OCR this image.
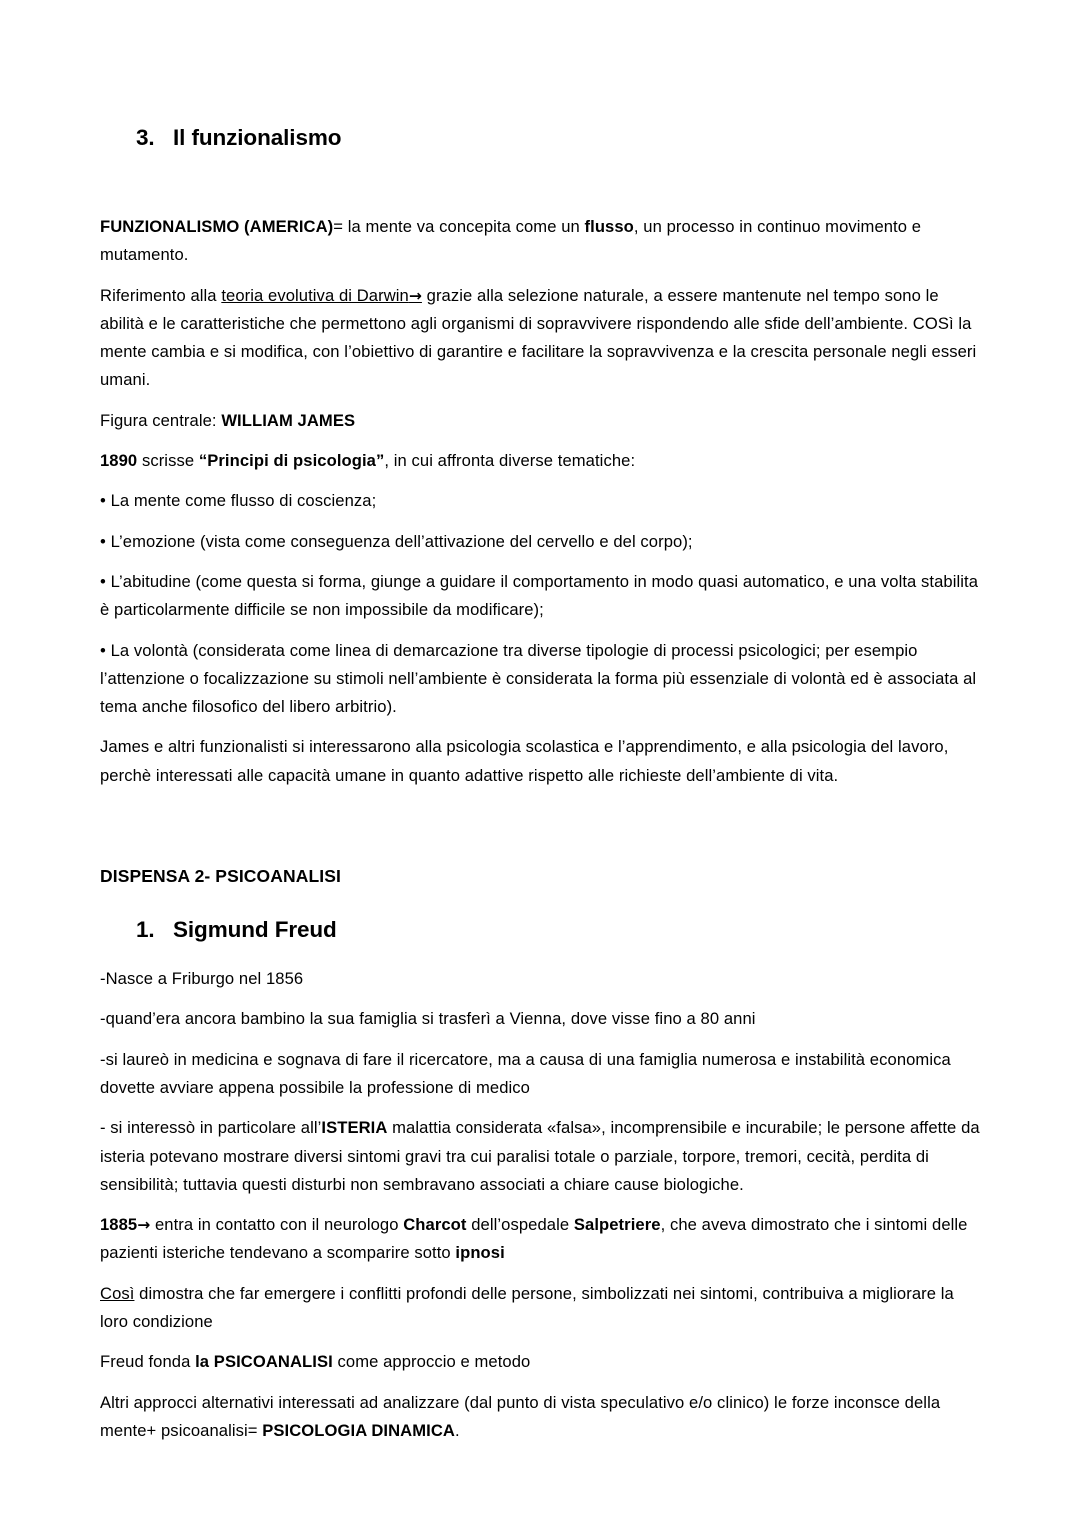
3. Il funzionalismo

FUNZIONALISMO (AMERICA)= la mente va concepita come un flusso, un processo in continuo movimento e mutamento.

Riferimento alla teoria evolutiva di Darwin→ grazie alla selezione naturale, a essere mantenute nel tempo sono le abilità e le caratteristiche che permettono agli organismi di sopravvivere rispondendo alle sfide dell’ambiente. COSì la mente cambia e si modifica, con l’obiettivo di garantire e facilitare la sopravvivenza e la crescita personale negli esseri umani.

Figura centrale: WILLIAM JAMES

1890 scrisse “Principi di psicologia”, in cui affronta diverse tematiche:

• La mente come flusso di coscienza;

• L’emozione (vista come conseguenza dell’attivazione del cervello e del corpo);

• L’abitudine (come questa si forma, giunge a guidare il comportamento in modo quasi automatico, e una volta stabilita è particolarmente difficile se non impossibile da modificare);

• La volontà (considerata come linea di demarcazione tra diverse tipologie di processi psicologici; per esempio l’attenzione o focalizzazione su stimoli nell’ambiente è considerata la forma più essenziale di volontà ed è associata al tema anche filosofico del libero arbitrio).

James e altri funzionalisti si interessarono alla psicologia scolastica e l’apprendimento, e alla psicologia del lavoro, perchè interessati alle capacità umane in quanto adattive rispetto alle richieste dell’ambiente di vita.

DISPENSA 2- PSICOANALISI
1. Sigmund Freud

-Nasce a Friburgo nel 1856

-quand’era ancora bambino la sua famiglia si trasferì a Vienna, dove visse fino a 80 anni

-si laureò in medicina e sognava di fare il ricercatore, ma a causa di una famiglia numerosa e instabilità economica dovette avviare appena possibile la professione di medico

- si interessò in particolare all’ISTERIA malattia considerata «falsa», incomprensibile e incurabile; le persone affette da isteria potevano mostrare diversi sintomi gravi tra cui paralisi totale o parziale, torpore, tremori, cecità, perdita di sensibilità; tuttavia questi disturbi non sembravano associati a chiare cause biologiche.

1885→ entra in contatto con il neurologo Charcot dell’ospedale Salpetriere, che aveva dimostrato che i sintomi delle pazienti isteriche tendevano a scomparire sotto ipnosi

Così dimostra che far emergere i conflitti profondi delle persone, simbolizzati nei sintomi, contribuiva a migliorare la loro condizione

Freud fonda la PSICOANALISI come approccio e metodo

Altri approcci alternativi interessati ad analizzare (dal punto di vista speculativo e/o clinico) le forze inconsce della mente+ psicoanalisi= PSICOLOGIA DINAMICA.
